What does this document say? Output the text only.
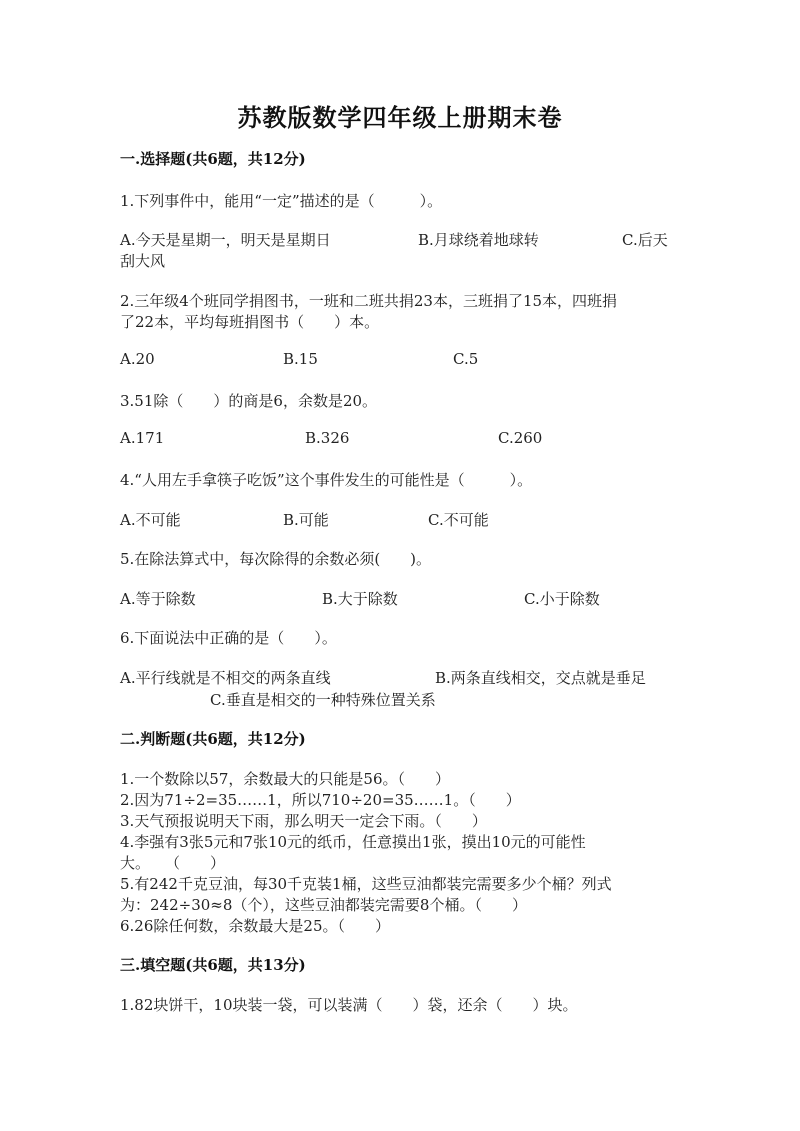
苏教版数学四年级上册期末卷
一.选择题(共6题，共12分)
1.下列事件中，能用“一定”描述的是（　　　）。
A.今天是星期一，明天是星期日	B.月球绕着地球转	C.后天
刮大风
2.三年级4个班同学捐图书，一班和二班共捐23本，三班捐了15本，四班捐
了22本，平均每班捐图书（　　）本。
A.20	B.15	C.5
3.51除（　　）的商是6，余数是20。
A.171	B.326	C.260
4.“人用左手拿筷子吃饭”这个事件发生的可能性是（　　　）。
A.不可能	B.可能	C.不可能
5.在除法算式中，每次除得的余数必须(　　)。
A.等于除数	B.大于除数	C.小于除数
6.下面说法中正确的是（　　）。
A.平行线就是不相交的两条直线	B.两条直线相交，交点就是垂足
C.垂直是相交的一种特殊位置关系
二.判断题(共6题，共12分)
1.一个数除以57，余数最大的只能是56。（　　）
2.因为71÷2=35……1，所以710÷20=35……1。（　　）
3.天气预报说明天下雨，那么明天一定会下雨。（　　）
4.李强有3张5元和7张10元的纸币，任意摸出1张，摸出10元的可能性
大。　　（　　）
5.有242千克豆油，每30千克装1桶，这些豆油都装完需要多少个桶？列式
为：242÷30≈8（个），这些豆油都装完需要8个桶。（　　）
6.26除任何数，余数最大是25。（　　）
三.填空题(共6题，共13分)
1.82块饼干，10块装一袋，可以装满（　　）袋，还余（　　）块。
